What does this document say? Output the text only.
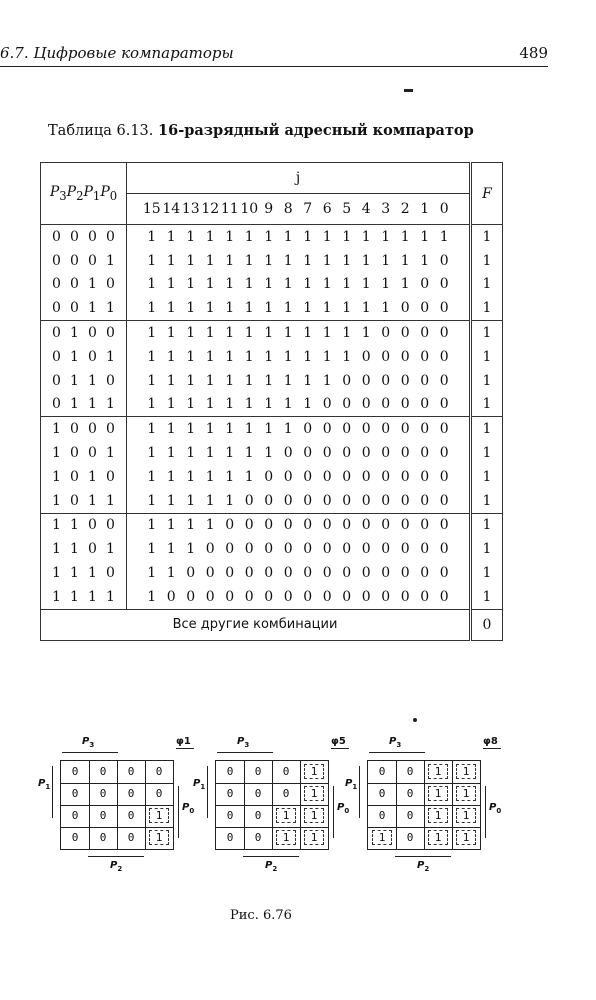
6.7. Цифровые компараторы	489
Таблица 6.13. 16-разрядный адресный компаратор
$P_3P_2P_1P_0$	j	F
	15 14 13 12 11 10 9 8 7 6 5 4 3 2 1 0	
0 0 0 0	1 1 1 1 1 1 1 1 1 1 1 1 1 1 1 1	1
0 0 0 1	1 1 1 1 1 1 1 1 1 1 1 1 1 1 1 0	1
0 0 1 0	1 1 1 1 1 1 1 1 1 1 1 1 1 1 0 0	1
0 0 1 1	1 1 1 1 1 1 1 1 1 1 1 1 1 0 0 0	1
0 1 0 0	1 1 1 1 1 1 1 1 1 1 1 1 0 0 0 0	1
0 1 0 1	1 1 1 1 1 1 1 1 1 1 1 0 0 0 0 0	1
0 1 1 0	1 1 1 1 1 1 1 1 1 1 0 0 0 0 0 0	1
0 1 1 1	1 1 1 1 1 1 1 1 1 0 0 0 0 0 0 0	1
1 0 0 0	1 1 1 1 1 1 1 1 0 0 0 0 0 0 0 0	1
1 0 0 1	1 1 1 1 1 1 1 0 0 0 0 0 0 0 0 0	1
1 0 1 0	1 1 1 1 1 1 0 0 0 0 0 0 0 0 0 0	1
1 0 1 1	1 1 1 1 1 0 0 0 0 0 0 0 0 0 0 0	1
1 1 0 0	1 1 1 1 0 0 0 0 0 0 0 0 0 0 0 0	1
1 1 0 1	1 1 1 0 0 0 0 0 0 0 0 0 0 0 0 0	1
1 1 1 0	1 1 0 0 0 0 0 0 0 0 0 0 0 0 0 0	1
1 1 1 1	1 0 0 0 0 0 0 0 0 0 0 0 0 0 0 0	1
Все другие комбинации		0
0	0	0	0
0	0	0	0
0	0	0	1
0	0	0	1
$P_3$	φ1
$P_1$
$P_0$
$P_2$
0	0	0	1
0	0	0	1
0	0	1	1
0	0	1	1
$P_3$	φ5
$P_1$
$P_0$
$P_2$
0	0	1	1
0	0	1	1
0	0	1	1
1	0	1	1
$P_3$	φ8
$P_1$
$P_0$
$P_2$
Рис. 6.76
